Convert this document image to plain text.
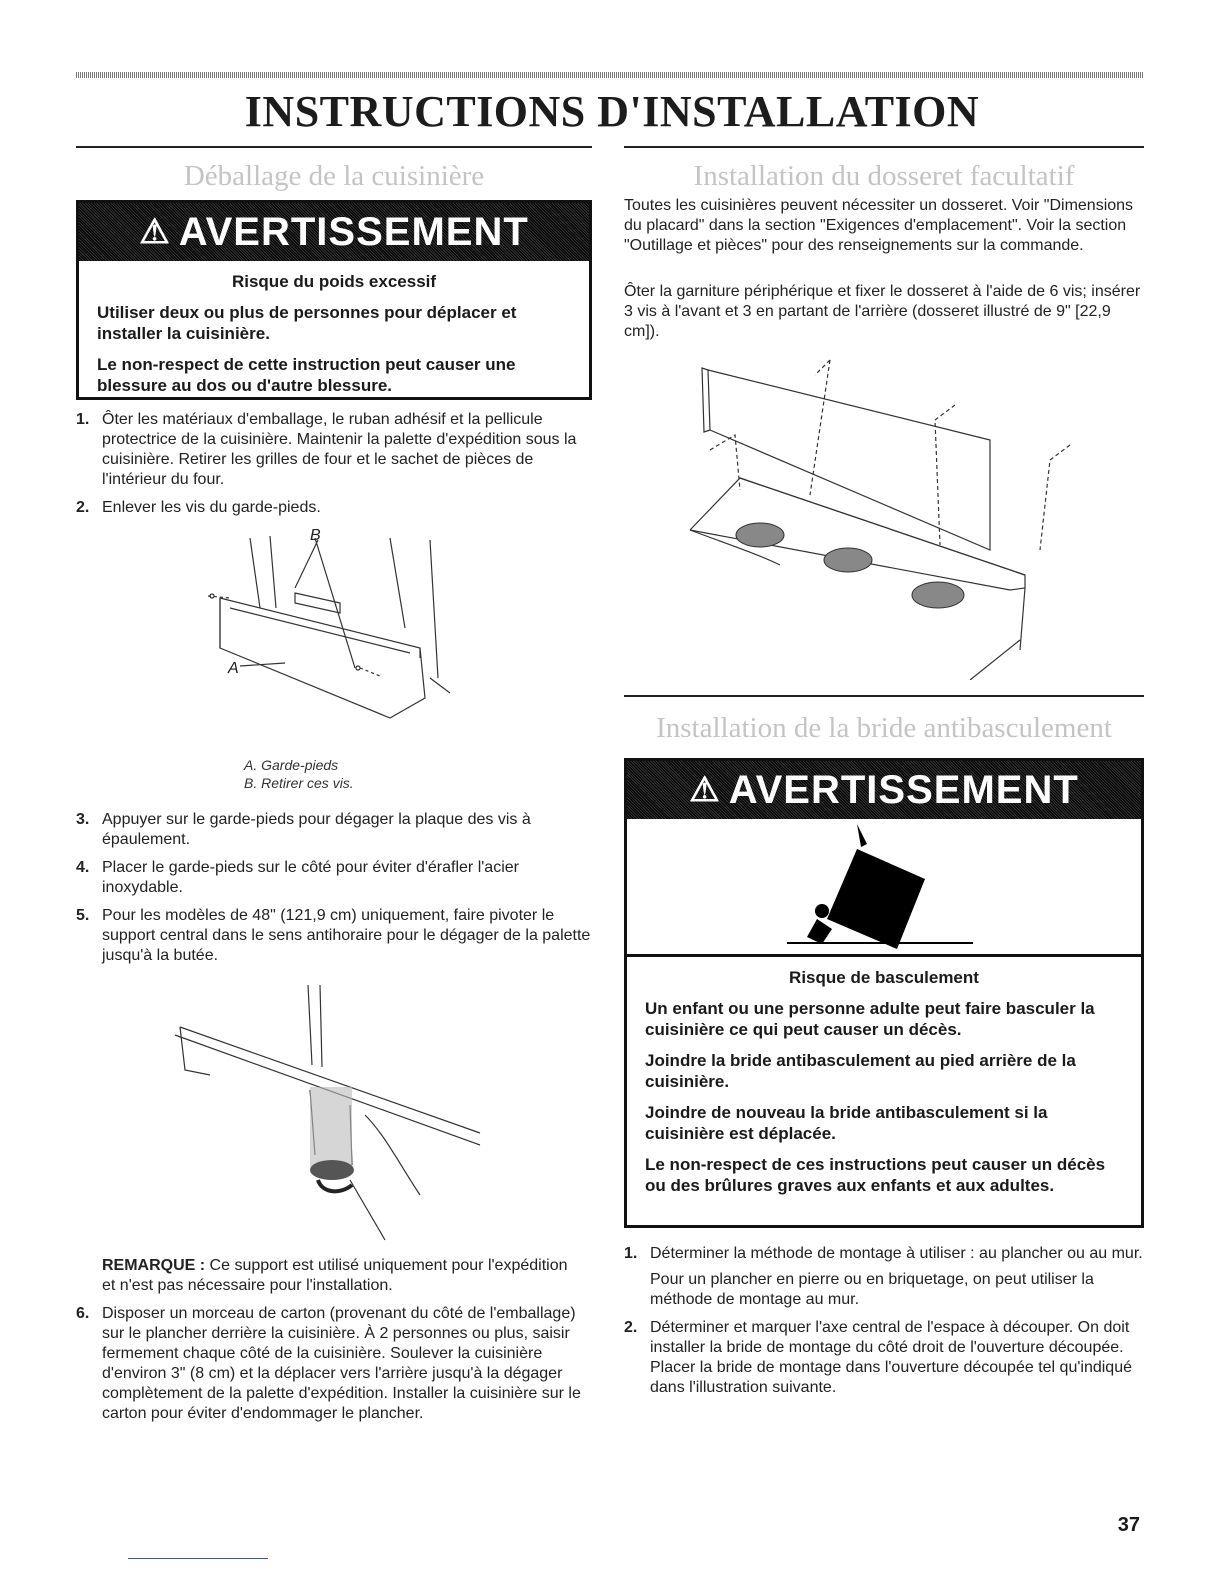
INSTRUCTIONS D'INSTALLATION
Déballage de la cuisinière
⚠ AVERTISSEMENT
Risque du poids excessif

Utiliser deux ou plus de personnes pour déplacer et installer la cuisinière.

Le non-respect de cette instruction peut causer une blessure au dos ou d'autre blessure.

1. Ôter les matériaux d'emballage, le ruban adhésif et la pellicule protectrice de la cuisinière. Maintenir la palette d'expédition sous la cuisinière. Retirer les grilles de four et le sachet de pièces de l'intérieur du four.
2. Enlever les vis du garde-pieds.
B
A
A. Garde-pieds
B. Retirer ces vis.
3. Appuyer sur le garde-pieds pour dégager la plaque des vis à épaulement.
4. Placer le garde-pieds sur le côté pour éviter d'érafler l'acier inoxydable.
5. Pour les modèles de 48" (121,9 cm) uniquement, faire pivoter le support central dans le sens antihoraire pour le dégager de la palette jusqu'à la butée.
REMARQUE : Ce support est utilisé uniquement pour l'expédition et n'est pas nécessaire pour l'installation.
6. Disposer un morceau de carton (provenant du côté de l'emballage) sur le plancher derrière la cuisinière. À 2 personnes ou plus, saisir fermement chaque côté de la cuisinière. Soulever la cuisinière d'environ 3" (8 cm) et la déplacer vers l'arrière jusqu'à la dégager complètement de la palette d'expédition. Installer la cuisinière sur le carton pour éviter d'endommager le plancher.
Installation du dosseret facultatif
Toutes les cuisinières peuvent nécessiter un dosseret. Voir "Dimensions du placard" dans la section "Exigences d'emplacement". Voir la section "Outillage et pièces" pour des renseignements sur la commande.
Ôter la garniture périphérique et fixer le dosseret à l'aide de 6 vis; insérer 3 vis à l'avant et 3 en partant de l'arrière (dosseret illustré de 9" [22,9 cm]).
Installation de la bride antibasculement
⚠ AVERTISSEMENT
Risque de basculement

Un enfant ou une personne adulte peut faire basculer la cuisinière ce qui peut causer un décès.

Joindre la bride antibasculement au pied arrière de la cuisinière.

Joindre de nouveau la bride antibasculement si la cuisinière est déplacée.

Le non-respect de ces instructions peut causer un décès ou des brûlures graves aux enfants et aux adultes.

1. Déterminer la méthode de montage à utiliser : au plancher ou au mur.
Pour un plancher en pierre ou en briquetage, on peut utiliser la méthode de montage au mur.
2. Déterminer et marquer l'axe central de l'espace à découper. On doit installer la bride de montage du côté droit de l'ouverture découpée. Placer la bride de montage dans l'ouverture découpée tel qu'indiqué dans l'illustration suivante.
37
